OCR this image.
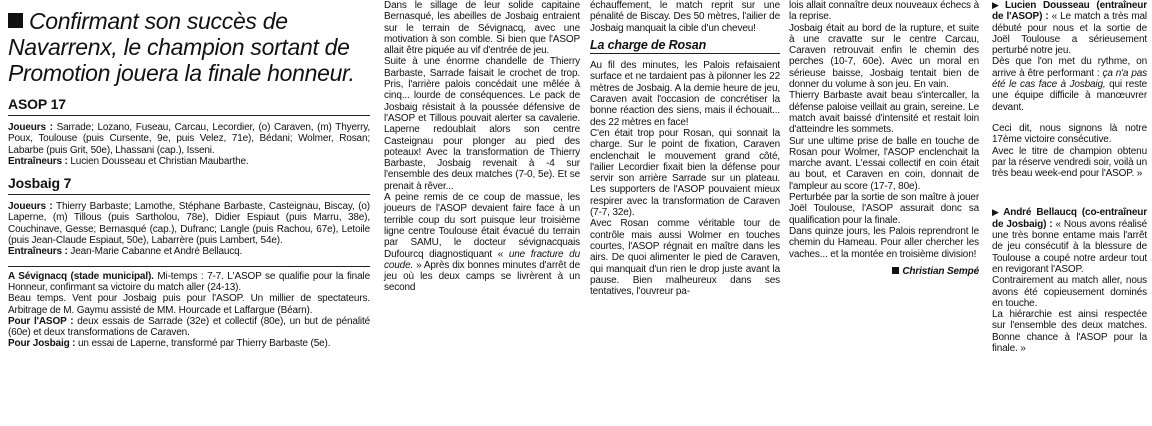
Confirmant son succès de Navarrenx, le champion sortant de Promotion jouera la finale honneur.
ASOP 17

Joueurs : Sarrade; Lozano, Fuseau, Carcau, Lecordier, (o) Caraven, (m) Thyerry, Poux, Toulouse (puis Cursente, 9e, puis Velez, 71e), Bédani; Wolmer, Rosan; Labarbe (puis Grit, 50e), Lhassani (cap.), Isseni.

Entraîneurs : Lucien Dousseau et Christian Maubarthe.

Josbaig 7

Joueurs : Thierry Barbaste; Lamothe, Stéphane Barbaste, Casteignau, Biscay, (o) Laperne, (m) Tillous (puis Sartholou, 78e), Didier Espiaut (puis Marru, 38e), Couchinave, Gesse; Bernasqué (cap.), Dufranc; Langle (puis Rachou, 67e), Letoile (puis Jean-Claude Espiaut, 50e), Labarrère (puis Lambert, 54e).

Entraîneurs : Jean-Marie Cabanne et André Bellaucq.

A Sévignacq (stade municipal). Mi-temps : 7-7. L'ASOP se qualifie pour la finale Honneur, confirmant sa victoire du match aller (24-13).

Beau temps. Vent pour Josbaig puis pour l'ASOP. Un millier de spectateurs. Arbitrage de M. Gaymu assisté de MM. Hourcade et Laffargue (Béarn).

Pour l'ASOP : deux essais de Sarrade (32e) et collectif (80e), un but de pénalité (60e) et deux transformations de Caraven.

Pour Josbaig : un essai de Laperne, transformé par Thierry Barbaste (5e).

Dans le sillage de leur solide capitaine Bernasqué, les abeilles de Josbaig entraient sur le terrain de Sévignacq, avec une motivation à son comble. Si bien que l'ASOP allait être piquée au vif d'entrée de jeu.

Suite à une énorme chandelle de Thierry Barbaste, Sarrade faisait le crochet de trop. Pris, l'arrière palois concédait une mêlée à cinq... lourde de conséquences. Le pack de Josbaig résistait à la poussée défensive de l'ASOP et Tillous pouvait alerter sa cavalerie. Laperne redoublait alors son centre Casteignau pour plonger au pied des poteaux! Avec la transformation de Thierry Barbaste, Josbaig revenait à -4 sur l'ensemble des deux matches (7-0, 5e). Et se prenait à rêver...

A peine remis de ce coup de massue, les joueurs de l'ASOP devaient faire face à un terrible coup du sort puisque leur troisième ligne centre Toulouse était évacué du terrain par SAMU, le docteur sévignacquais Dufourcq diagnostiquant « une fracture du coude. » Après dix bonnes minutes d'arrêt de jeu où les deux camps se livrèrent à un second

échauffement, le match reprit sur une pénalité de Biscay. Des 50 mètres, l'ailier de Josbaig manquait la cible d'un cheveu!

La charge de Rosan

Au fil des minutes, les Palois refaisaient surface et ne tardaient pas à pilonner les 22 mètres de Josbaig. A la demie heure de jeu, Caraven avait l'occasion de concrétiser la bonne réaction des siens, mais il échouait... des 22 mètres en face!

C'en était trop pour Rosan, qui sonnait la charge. Sur le point de fixation, Caraven enclenchait le mouvement grand côté, l'ailier Lecordier fixait bien la défense pour servir son arrière Sarrade sur un plateau. Les supporters de l'ASOP pouvaient mieux respirer avec la transformation de Caraven (7-7, 32e).

Avec Rosan comme véritable tour de contrôle mais aussi Wolmer en touches courtes, l'ASOP régnait en maître dans les airs. De quoi alimenter le pied de Caraven, qui manquait d'un rien le drop juste avant la pause. Bien malheureux dans ses tentatives, l'ouvreur pa-

lois allait connaître deux nouveaux échecs à la reprise.

Josbaig était au bord de la rupture, et suite à une cravatte sur le centre Carcau, Caraven retrouvait enfin le chemin des perches (10-7, 60e). Avec un moral en sérieuse baisse, Josbaig tentait bien de donner du volume à son jeu. En vain.

Thierry Barbaste avait beau s'intercaller, la défense paloise veillait au grain, sereine. Le match avait baissé d'intensité et restait loin d'atteindre les sommets.

Sur une ultime prise de balle en touche de Rosan pour Wolmer, l'ASOP enclenchait la marche avant. L'essai collectif en coin était au bout, et Caraven en coin, donnait de l'ampleur au score (17-7, 80e).

Perturbée par la sortie de son maître à jouer Joël Toulouse, l'ASOP assurait donc sa qualification pour la finale.

Dans quinze jours, les Palois reprendront le chemin du Hameau. Pour aller chercher les vaches... et la montée en troisième division!

Christian Sempé

▶ Lucien Dousseau (entraîneur de l'ASOP) : « Le match a très mal débuté pour nous et la sortie de Joël Toulouse a sérieusement perturbé notre jeu.

Dès que l'on met du rythme, on arrive à être performant : ça n'a pas été le cas face à Josbaig, qui reste une équipe difficile à manœuvrer devant.

Ceci dit, nous signons là notre 17ème victoire consécutive.

Avec le titre de champion obtenu par la réserve vendredi soir, voilà un très beau week-end pour l'ASOP. »

▶ André Bellaucq (co-entraîneur de Josbaig) : « Nous avons réalisé une très bonne entame mais l'arrêt de jeu consécutif à la blessure de Toulouse a coupé notre ardeur tout en revigorant l'ASOP.

Contrairement au match aller, nous avons été copieusement dominés en touche.

La hiérarchie est ainsi respectée sur l'ensemble des deux matches. Bonne chance à l'ASOP pour la finale. »
